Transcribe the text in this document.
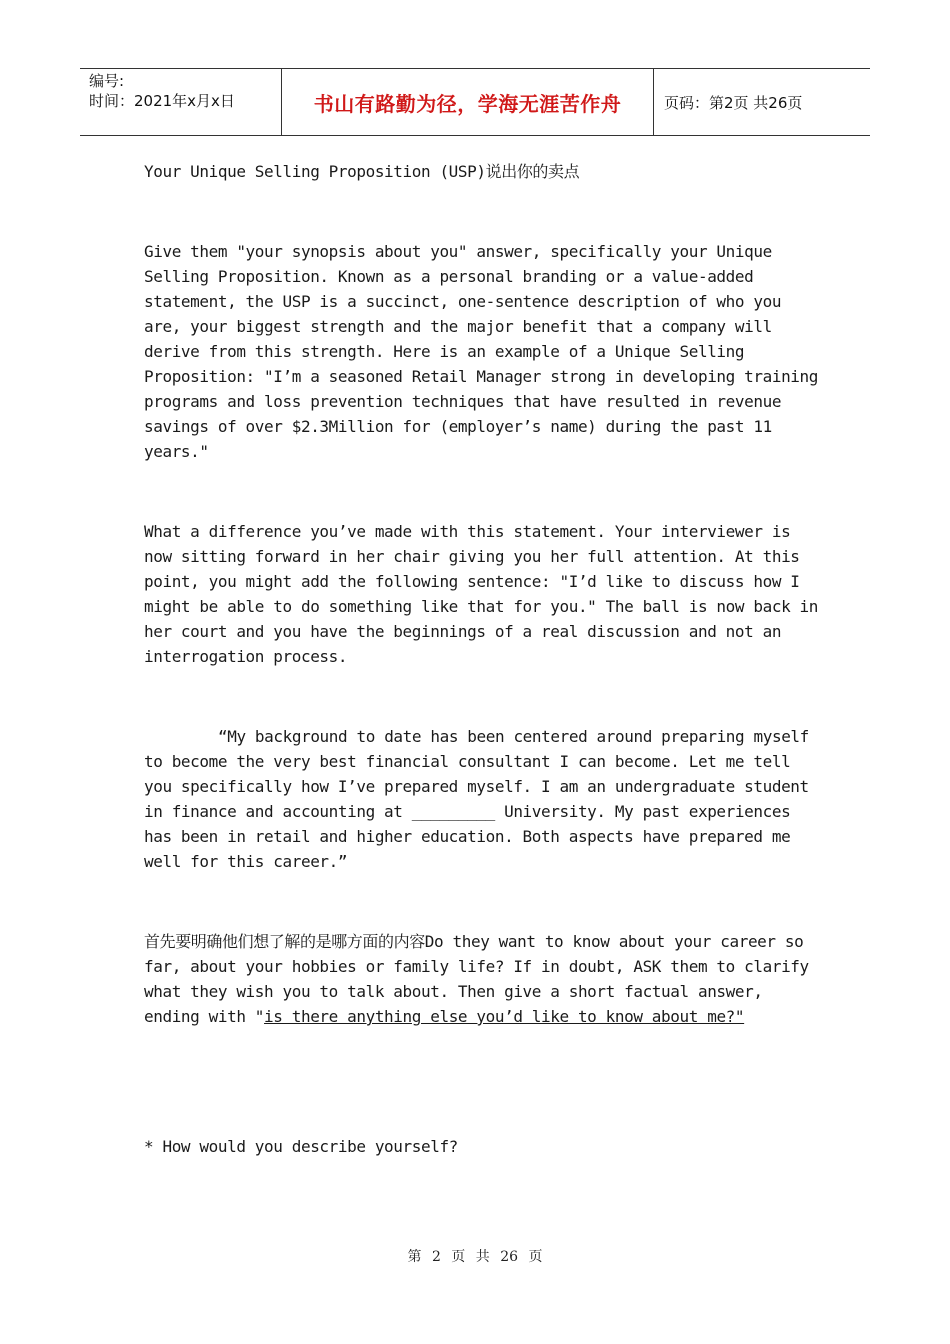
编号:
时间：2021年x月x日	书山有路勤为径，学海无涯苦作舟	页码：第2页 共26页

Your Unique Selling Proposition (USP)说出你的卖点

Give them "your synopsis about you" answer, specifically your Unique Selling Proposition. Known as a personal branding or a value-added statement, the USP is a succinct, one-sentence description of who you are, your biggest strength and the major benefit that a company will derive from this strength. Here is an example of a Unique Selling Proposition: "I’m a seasoned Retail Manager strong in developing training programs and loss prevention techniques that have resulted in revenue savings of over $2.3Million for (employer’s name) during the past 11 years."

What a difference you’ve made with this statement. Your interviewer is now sitting forward in her chair giving you her full attention. At this point, you might add the following sentence: "I’d like to discuss how I might be able to do something like that for you." The ball is now back in her court and you have the beginnings of a real discussion and not an interrogation process.

“My background to date has been centered around preparing myself to become the very best financial consultant I can become. Let me tell you specifically how I’ve prepared myself. I am an undergraduate student in finance and accounting at _________ University. My past experiences has been in retail and higher education. Both aspects have prepared me well for this career.”

首先要明确他们想了解的是哪方面的内容Do they want to know about your career so far, about your hobbies or family life? If in doubt, ASK them to clarify what they wish you to talk about. Then give a short factual answer, ending with "is there anything else you’d like to know about me?"

* How would you describe yourself?

第 2 页 共 26 页
